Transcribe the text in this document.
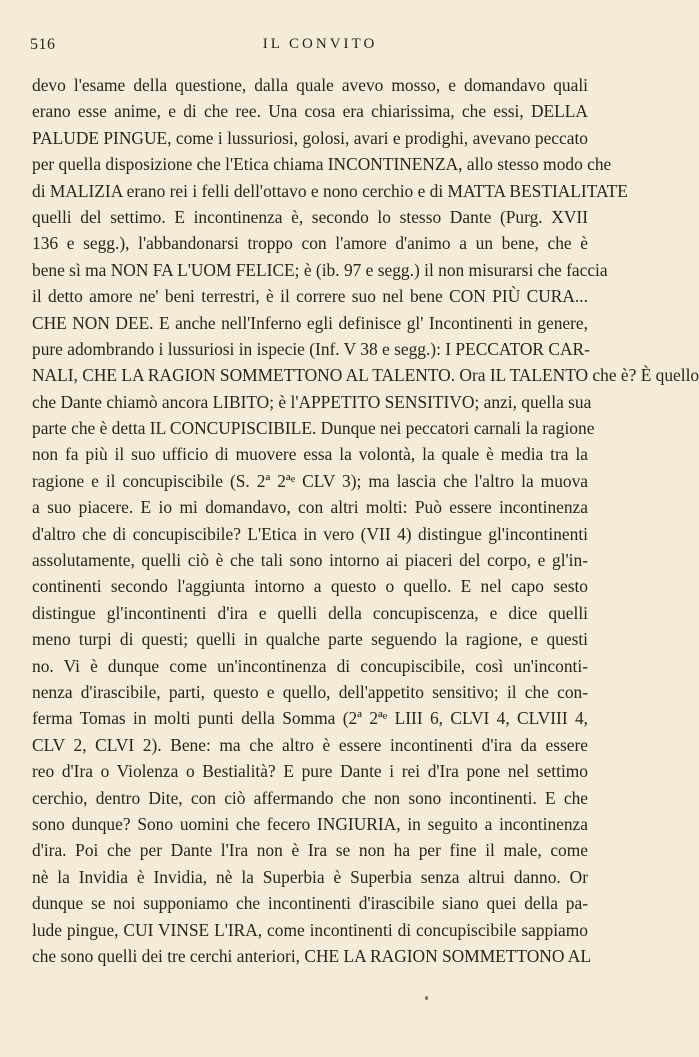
516	IL CONVITO
devo l'esame della questione, dalla quale avevo mosso, e domandavo quali
erano esse anime, e di che ree. Una cosa era chiarissima, che essi, DELLA
PALUDE PINGUE, come i lussuriosi, golosi, avari e prodighi, avevano peccato
per quella disposizione che l'Etica chiama INCONTINENZA, allo stesso modo che
di MALIZIA erano rei i felli dell'ottavo e nono cerchio e di MATTA BESTIALITATE
quelli del settimo. E incontinenza è, secondo lo stesso Dante (Purg. XVII
136 e segg.), l'abbandonarsi troppo con l'amore d'animo a un bene, che è
bene sì ma NON FA L'UOM FELICE; è (ib. 97 e segg.) il non misurarsi che faccia
il detto amore ne' beni terrestri, è il correre suo nel bene CON PIÙ CURA...
CHE NON DEE. E anche nell'Inferno egli definisce gl' Incontinenti in genere,
pure adombrando i lussuriosi in ispecie (Inf. V 38 e segg.): I PECCATOR CAR-
NALI, CHE LA RAGION SOMMETTONO AL TALENTO. Ora IL TALENTO che è? È quello
che Dante chiamò ancora LIBITO; è l'APPETITO SENSITIVO; anzi, quella sua
parte che è detta IL CONCUPISCIBILE. Dunque nei peccatori carnali la ragione
non fa più il suo ufficio di muovere essa la volontà, la quale è media tra la
ragione e il concupiscibile (S. 2ª 2ªᵉ CLV 3); ma lascia che l'altro la muova
a suo piacere. E io mi domandavo, con altri molti: Può essere incontinenza
d'altro che di concupiscibile? L'Etica in vero (VII 4) distingue gl'incontinenti
assolutamente, quelli ciò è che tali sono intorno ai piaceri del corpo, e gl'in-
continenti secondo l'aggiunta intorno a questo o quello. E nel capo sesto
distingue gl'incontinenti d'ira e quelli della concupiscenza, e dice quelli
meno turpi di questi; quelli in qualche parte seguendo la ragione, e questi
no. Vi è dunque come un'incontinenza di concupiscibile, così un'inconti-
nenza d'irascibile, parti, questo e quello, dell'appetito sensitivo; il che con-
ferma Tomas in molti punti della Somma (2ª 2ªᵉ LIII 6, CLVI 4, CLVIII 4,
CLV 2, CLVI 2). Bene: ma che altro è essere incontinenti d'ira da essere
reo d'Ira o Violenza o Bestialità? E pure Dante i rei d'Ira pone nel settimo
cerchio, dentro Dite, con ciò affermando che non sono incontinenti. E che
sono dunque? Sono uomini che fecero INGIURIA, in seguito a incontinenza
d'ira. Poi che per Dante l'Ira non è Ira se non ha per fine il male, come
nè la Invidia è Invidia, nè la Superbia è Superbia senza altrui danno. Or
dunque se noi supponiamo che incontinenti d'irascibile siano quei della pa-
lude pingue, CUI VINSE L'IRA, come incontinenti di concupiscibile sappiamo
che sono quelli dei tre cerchi anteriori, CHE LA RAGION SOMMETTONO AL
